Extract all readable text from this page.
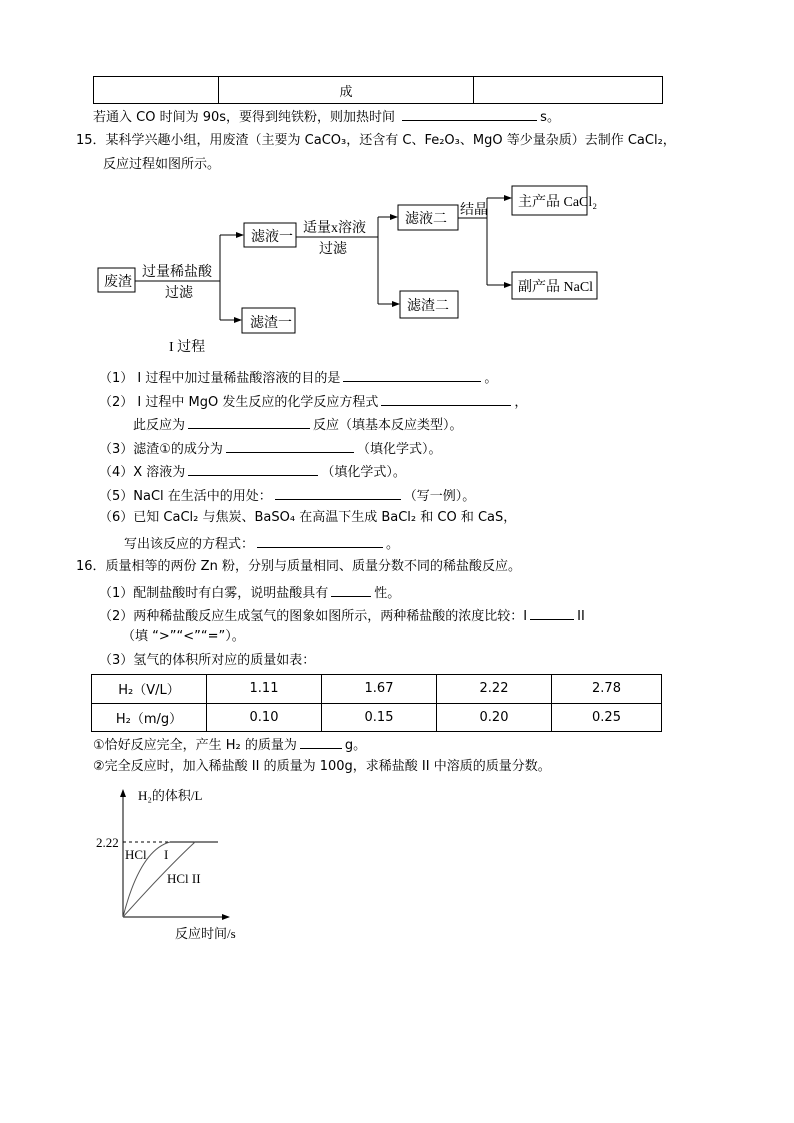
	成	
若通入 CO 时间为 90s，要得到纯铁粉，则加热时间	s。
15．某科学兴趣小组，用废渣（主要为 CaCO₃，还含有 C、Fe₂O₃、MgO 等少量杂质）去制作 CaCl₂，
反应过程如图所示。
废渣
过量稀盐酸
过滤
I 过程
滤液一
滤渣一
适量x溶液
过滤
滤液二
滤渣二
结晶
主产品 CaCl₂
副产品 NaCl
（1） I 过程中加过量稀盐酸溶液的目的是	。
（2） I 过程中 MgO 发生反应的化学反应方程式	，
此反应为	反应（填基本反应类型）。
（3）滤渣①的成分为	（填化学式）。
（4）X 溶液为	（填化学式）。
（5）NaCl 在生活中的用处：	（写一例）。
（6）已知 CaCl₂ 与焦炭、BaSO₄ 在高温下生成 BaCl₂ 和 CO 和 CaS，
写出该反应的方程式：	。
16．质量相等的两份 Zn 粉，分别与质量相同、质量分数不同的稀盐酸反应。
（1）配制盐酸时有白雾，说明盐酸具有	性。
（2）两种稀盐酸反应生成氢气的图象如图所示，两种稀盐酸的浓度比较：I	II
（填 “>”“<”“=”）。
（3）氢气的体积所对应的质量如表：
H₂（V/L）	1.11	1.67	2.22	2.78
H₂（m/g）	0.10	0.15	0.20	0.25
①恰好反应完全，产生 H₂ 的质量为	g。
②完全反应时，加入稀盐酸 II 的质量为 100g，求稀盐酸 II 中溶质的质量分数。
2.22
H₂的体积/L
反应时间/s
HCl I
HCl II
